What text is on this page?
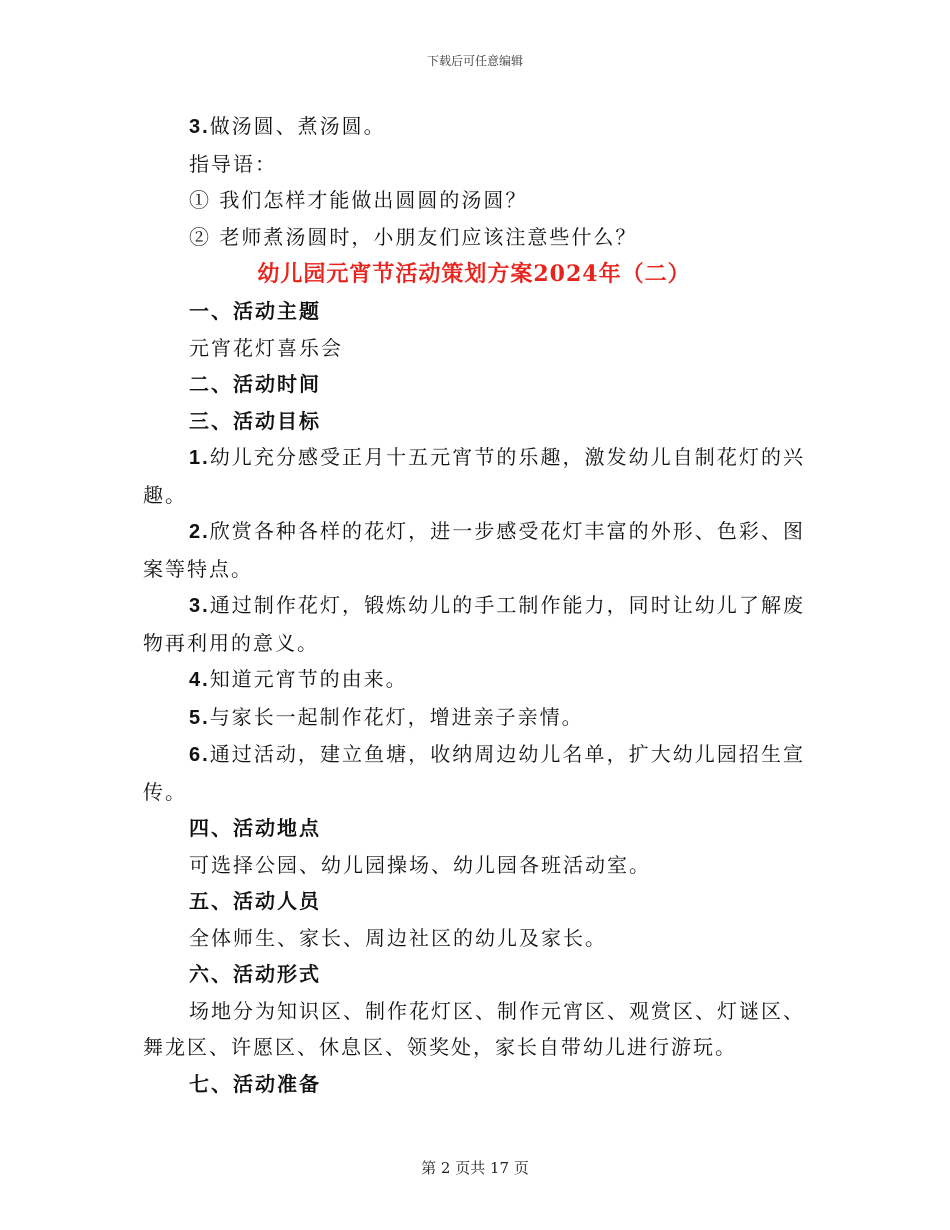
下载后可任意编辑

3.做汤圆、煮汤圆。

指导语：

① 我们怎样才能做出圆圆的汤圆？

② 老师煮汤圆时，小朋友们应该注意些什么？

幼儿园元宵节活动策划方案2024年（二）

一、活动主题

元宵花灯喜乐会

二、活动时间

三、活动目标

1.幼儿充分感受正月十五元宵节的乐趣，激发幼儿自制花灯的兴趣。

2.欣赏各种各样的花灯，进一步感受花灯丰富的外形、色彩、图案等特点。

3.通过制作花灯，锻炼幼儿的手工制作能力，同时让幼儿了解废物再利用的意义。

4.知道元宵节的由来。

5.与家长一起制作花灯，增进亲子亲情。

6.通过活动，建立鱼塘，收纳周边幼儿名单，扩大幼儿园招生宣传。

四、活动地点

可选择公园、幼儿园操场、幼儿园各班活动室。

五、活动人员

全体师生、家长、周边社区的幼儿及家长。

六、活动形式

场地分为知识区、制作花灯区、制作元宵区、观赏区、灯谜区、舞龙区、许愿区、休息区、领奖处，家长自带幼儿进行游玩。

七、活动准备

第 2 页共 17 页
